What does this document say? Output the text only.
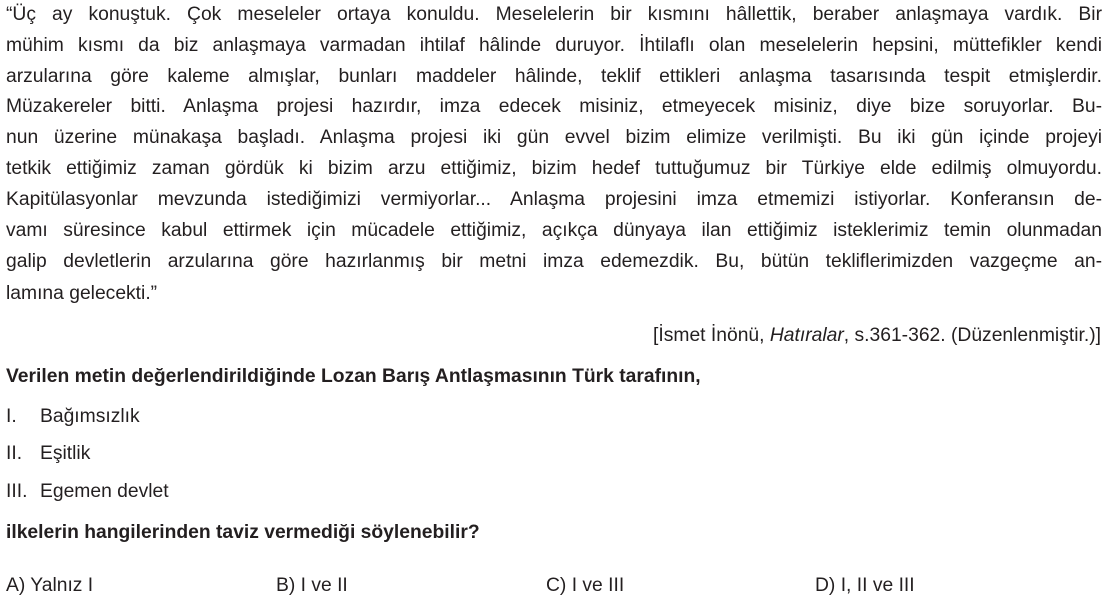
“Üç ay konuştuk. Çok meseleler ortaya konuldu. Meselelerin bir kısmını hâllettik, beraber anlaşmaya vardık. Bir
mühim kısmı da biz anlaşmaya varmadan ihtilaf hâlinde duruyor. İhtilaflı olan meselelerin hepsini, müttefikler kendi
arzularına göre kaleme almışlar, bunları maddeler hâlinde, teklif ettikleri anlaşma tasarısında tespit etmişlerdir.
Müzakereler bitti. Anlaşma projesi hazırdır, imza edecek misiniz, etmeyecek misiniz, diye bize soruyorlar. Bu-
nun üzerine münakaşa başladı. Anlaşma projesi iki gün evvel bizim elimize verilmişti. Bu iki gün içinde projeyi
tetkik ettiğimiz zaman gördük ki bizim arzu ettiğimiz, bizim hedef tuttuğumuz bir Türkiye elde edilmiş olmuyordu.
Kapitülasyonlar mevzunda istediğimizi vermiyorlar... Anlaşma projesini imza etmemizi istiyorlar. Konferansın de-
vamı süresince kabul ettirmek için mücadele ettiğimiz, açıkça dünyaya ilan ettiğimiz isteklerimiz temin olunmadan
galip devletlerin arzularına göre hazırlanmış bir metni imza edemezdik. Bu, bütün tekliflerimizden vazgeçme an-
lamına gelecekti.”
[İsmet İnönü, Hatıralar, s.361-362. (Düzenlenmiştir.)]
Verilen metin değerlendirildiğinde Lozan Barış Antlaşmasının Türk tarafının,
I. Bağımsızlık
II. Eşitlik
III. Egemen devlet
ilkelerin hangilerinden taviz vermediği söylenebilir?
A) Yalnız I	B) I ve II	C) I ve III	D) I, II ve III
